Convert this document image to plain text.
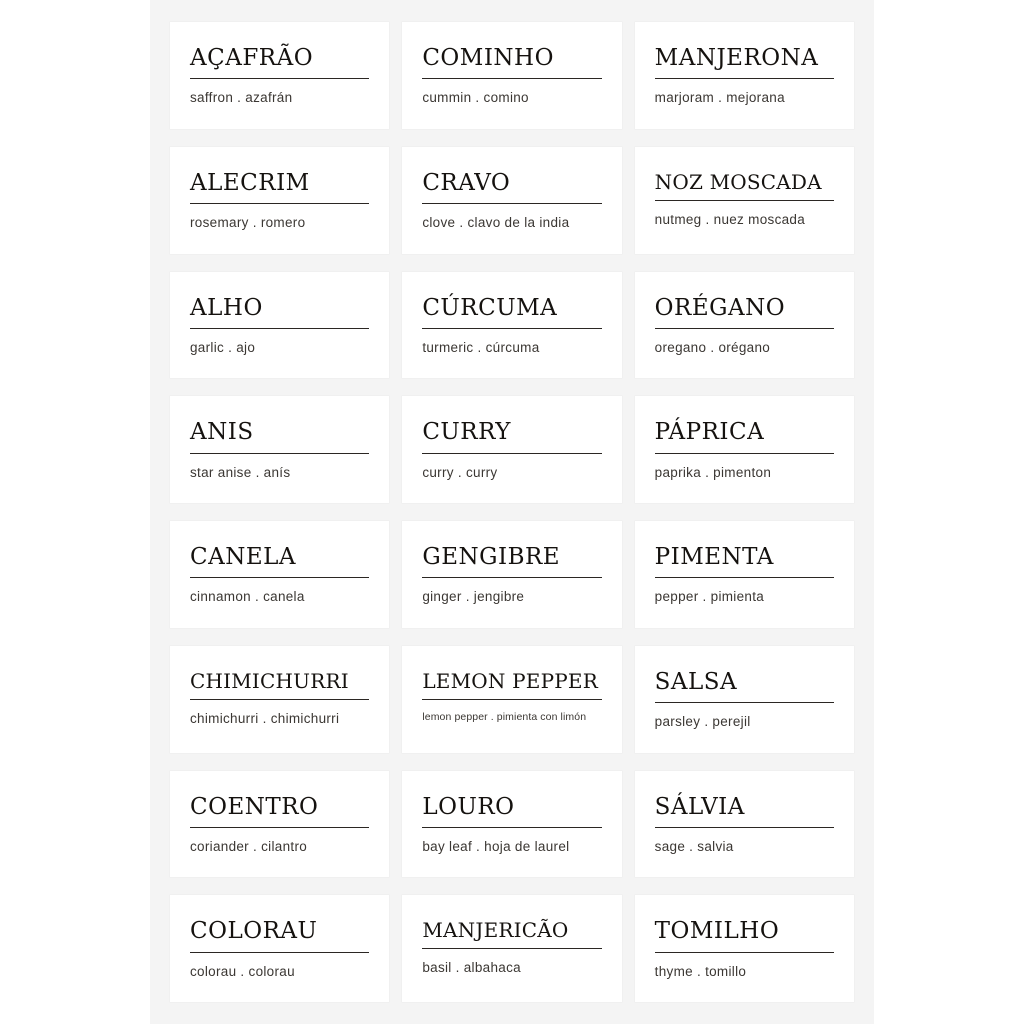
AÇAFRÃO
saffron . azafrán
COMINHO
cummin . comino
MANJERONA
marjoram . mejorana
ALECRIM
rosemary . romero
CRAVO
clove . clavo de la india
NOZ MOSCADA
nutmeg . nuez moscada
ALHO
garlic . ajo
CÚRCUMA
turmeric . cúrcuma
ORÉGANO
oregano . orégano
ANIS
star anise . anís
CURRY
curry . curry
PÁPRICA
paprika . pimenton
CANELA
cinnamon . canela
GENGIBRE
ginger . jengibre
PIMENTA
pepper . pimienta
CHIMICHURRI
chimichurri . chimichurri
LEMON PEPPER
lemon pepper . pimienta con limón
SALSA
parsley . perejil
COENTRO
coriander . cilantro
LOURO
bay leaf . hoja de laurel
SÁLVIA
sage . salvia
COLORAU
colorau . colorau
MANJERICÃO
basil . albahaca
TOMILHO
thyme . tomillo
